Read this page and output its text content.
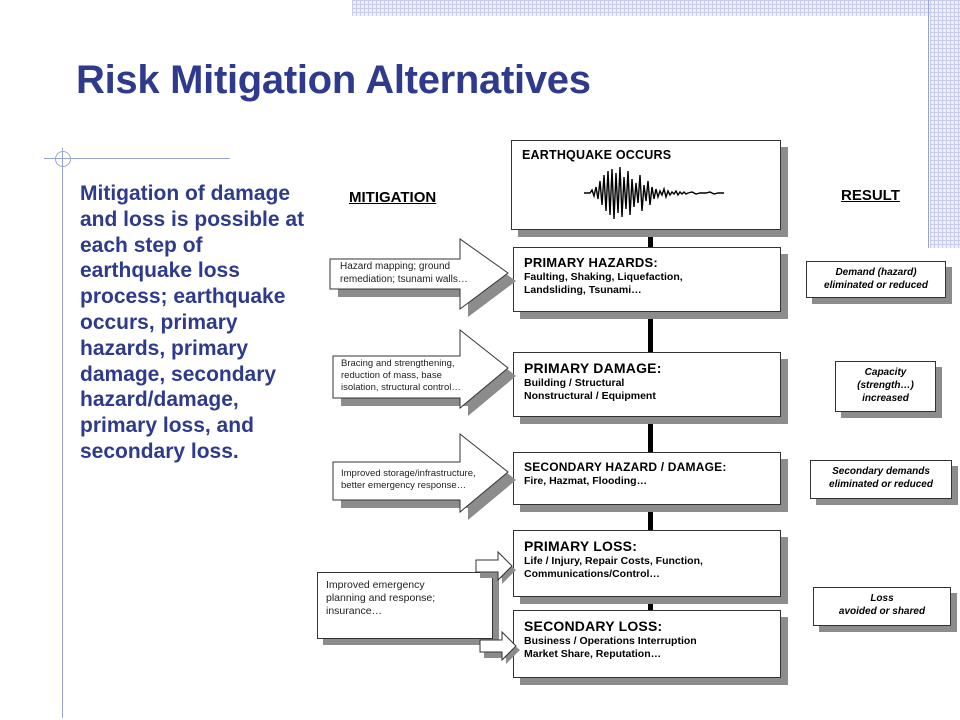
Risk Mitigation Alternatives
Mitigation of damage and loss is possible at each step of earthquake loss process; earthquake occurs, primary hazards, primary damage, secondary hazard/damage, primary loss, and secondary loss.
MITIGATION	RESULT
EARTHQUAKE OCCURS
PRIMARY HAZARDS:
Faulting, Shaking, Liquefaction,
Landsliding, Tsunami…
PRIMARY DAMAGE:
Building / Structural
Nonstructural / Equipment
SECONDARY HAZARD / DAMAGE:
Fire, Hazmat, Flooding…
PRIMARY LOSS:
Life / Injury, Repair Costs, Function,
Communications/Control…
SECONDARY LOSS:
Business / Operations Interruption
Market Share, Reputation…
Hazard mapping; ground
remediation; tsunami walls…
Bracing and strengthening,
reduction of mass, base
isolation, structural control…
Improved storage/infrastructure,
better emergency response…
Improved emergency
planning and response;
insurance…
Demand (hazard)
eliminated or reduced
Capacity
(strength…)
increased
Secondary demands
eliminated or reduced
Loss
avoided or shared
